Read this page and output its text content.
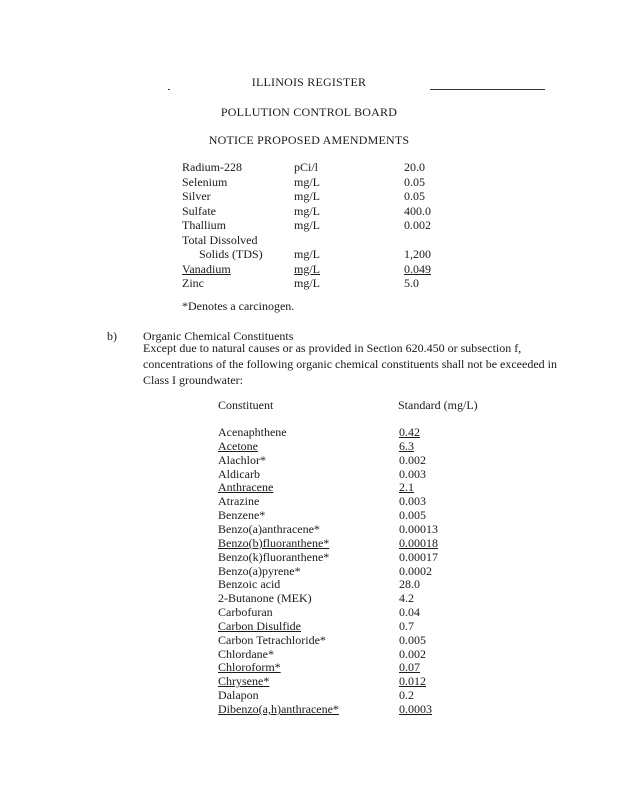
ILLINOIS REGISTER
POLLUTION CONTROL BOARD
NOTICE PROPOSED AMENDMENTS
Radium-228	pCi/l	20.0
Selenium	mg/L	0.05
Silver	mg/L	0.05
Sulfate	mg/L	400.0
Thallium	mg/L	0.002
Total Dissolved
Solids (TDS)	mg/L	1,200
Vanadium	mg/L	0.049
Zinc	mg/L	5.0
*Denotes a carcinogen.
b) Organic Chemical Constituents
Except due to natural causes or as provided in Section 620.450 or subsection f, concentrations of the following organic chemical constituents shall not be exceeded in Class I groundwater:
Constituent	Standard (mg/L)
Acenaphthene	0.42
Acetone	6.3
Alachlor*	0.002
Aldicarb	0.003
Anthracene	2.1
Atrazine	0.003
Benzene*	0.005
Benzo(a)anthracene*	0.00013
Benzo(b)fluoranthene*	0.00018
Benzo(k)fluoranthene*	0.00017
Benzo(a)pyrene*	0.0002
Benzoic acid	28.0
2-Butanone (MEK)	4.2
Carbofuran	0.04
Carbon Disulfide	0.7
Carbon Tetrachloride*	0.005
Chlordane*	0.002
Chloroform*	0.07
Chrysene*	0.012
Dalapon	0.2
Dibenzo(a,h)anthracene*	0.0003
